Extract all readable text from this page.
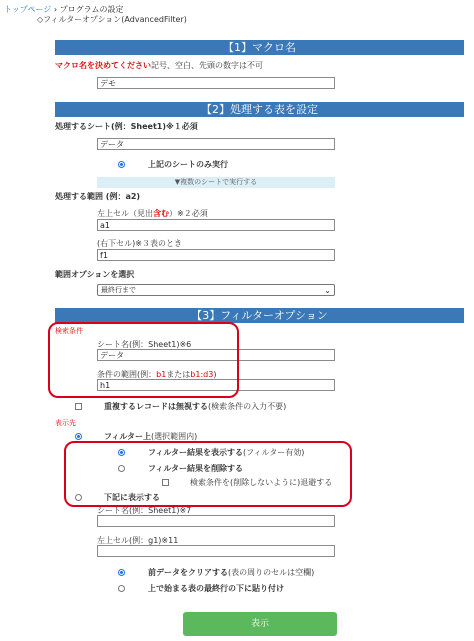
トップページ › プログラムの設定
◇フィルターオプション(AdvancedFilter)
【1】マクロ名
マクロ名を決めてください記号、空白、先頭の数字は不可
デモ
【2】処理する表を設定
処理するシート(例：Sheet1)※１必須
データ
上記のシートのみ実行
▼複数のシートで実行する
処理する範囲 (例：a2)
左上セル（見出含む）※２必須
a1
(右下セル)※３表のとき
f1
範囲オプションを選択
最終行まで	⌄
【3】フィルターオプション
検索条件
シート名(例：Sheet1)※6
データ
条件の範囲(例：b1またはb1:d3)
h1
重複するレコードは無視する(検索条件の入力不要)
表示先
フィルター上(選択範囲内)
フィルター結果を表示する(フィルター有効)
フィルター結果を削除する
検索条件を(削除しないように)退避する
下記に表示する
シート名(例：Sheet1)※7
左上セル(例：g1)※11
前データをクリアする(表の周りのセルは空欄)
上で始まる表の最終行の下に貼り付け
表示
